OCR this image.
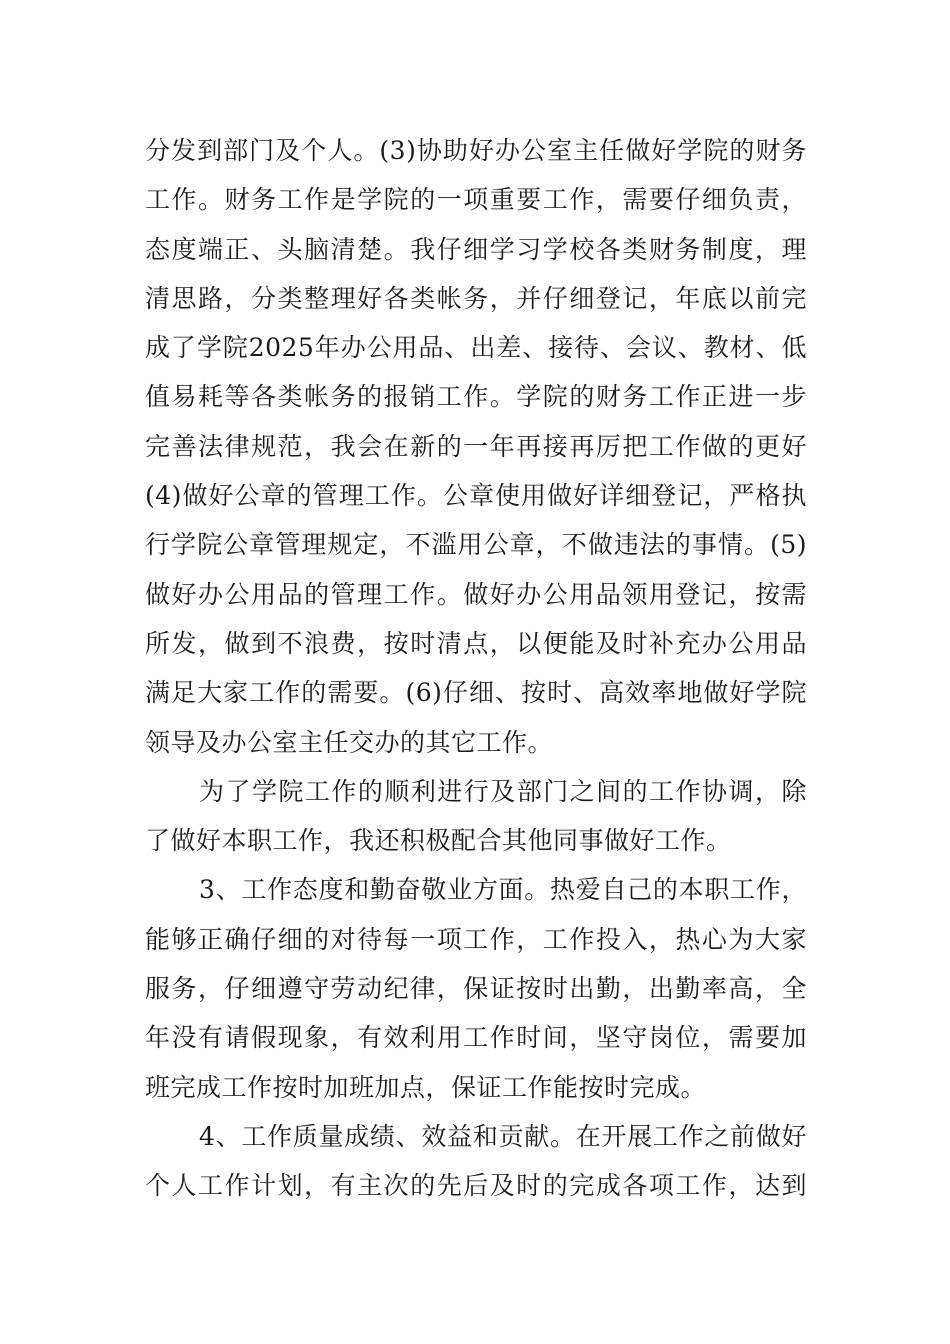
分发到部门及个人。(3)协助好办公室主任做好学院的财务
工作。财务工作是学院的一项重要工作，需要仔细负责，
态度端正、头脑清楚。我仔细学习学校各类财务制度，理
清思路，分类整理好各类帐务，并仔细登记，年底以前完
成了学院2025年办公用品、出差、接待、会议、教材、低
值易耗等各类帐务的报销工作。学院的财务工作正进一步
完善法律规范，我会在新的一年再接再厉把工作做的更好
(4)做好公章的管理工作。公章使用做好详细登记，严格执
行学院公章管理规定，不滥用公章，不做违法的事情。(5)
做好办公用品的管理工作。做好办公用品领用登记，按需
所发，做到不浪费，按时清点，以便能及时补充办公用品
满足大家工作的需要。(6)仔细、按时、高效率地做好学院
领导及办公室主任交办的其它工作。
为了学院工作的顺利进行及部门之间的工作协调，除
了做好本职工作，我还积极配合其他同事做好工作。
3、工作态度和勤奋敬业方面。热爱自己的本职工作，
能够正确仔细的对待每一项工作，工作投入，热心为大家
服务，仔细遵守劳动纪律，保证按时出勤，出勤率高，全
年没有请假现象，有效利用工作时间，坚守岗位，需要加
班完成工作按时加班加点，保证工作能按时完成。
4、工作质量成绩、效益和贡献。在开展工作之前做好
个人工作计划，有主次的先后及时的完成各项工作，达到
